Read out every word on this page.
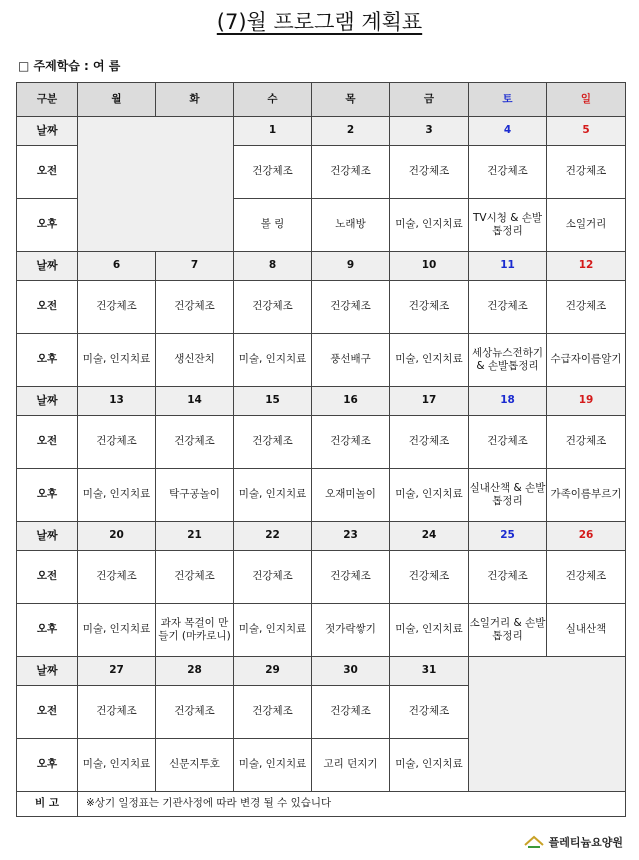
(7)월 프로그램 계획표
□ 주제학습 : 여 름
구분	월	화	수	목	금	토	일
날짜			1	2	3	4	5
오전			건강체조	건강체조	건강체조	건강체조	건강체조
오후			볼 링	노래방	미술, 인지치료	TV시청 & 손발톱정리	소일거리
날짜	6	7	8	9	10	11	12
오전	건강체조	건강체조	건강체조	건강체조	건강체조	건강체조	건강체조
오후	미술, 인지치료	생신잔치	미술, 인지치료	풍선배구	미술, 인지치료	세상뉴스전하기 & 손발톱정리	수급자이름알기
날짜	13	14	15	16	17	18	19
오전	건강체조	건강체조	건강체조	건강체조	건강체조	건강체조	건강체조
오후	미술, 인지치료	탁구공놀이	미술, 인지치료	오재미놀이	미술, 인지치료	실내산책 & 손발톱정리	가족이름부르기
날짜	20	21	22	23	24	25	26
오전	건강체조	건강체조	건강체조	건강체조	건강체조	건강체조	건강체조
오후	미술, 인지치료	과자 목걸이 만들기 (마카로니)	미술, 인지치료	젓가락쌓기	미술, 인지치료	소일거리 & 손발톱정리	실내산책
날짜	27	28	29	30	31		

오전	건강체조	건강체조	건강체조	건강체조	건강체조		
오후	미술, 인지치료	신문지투호	미술, 인지치료	고리 던지기	미술, 인지치료		
비 고	※상기 일정표는 기관사정에 따라 변경 될 수 있습니다						
플레티늄요양원
